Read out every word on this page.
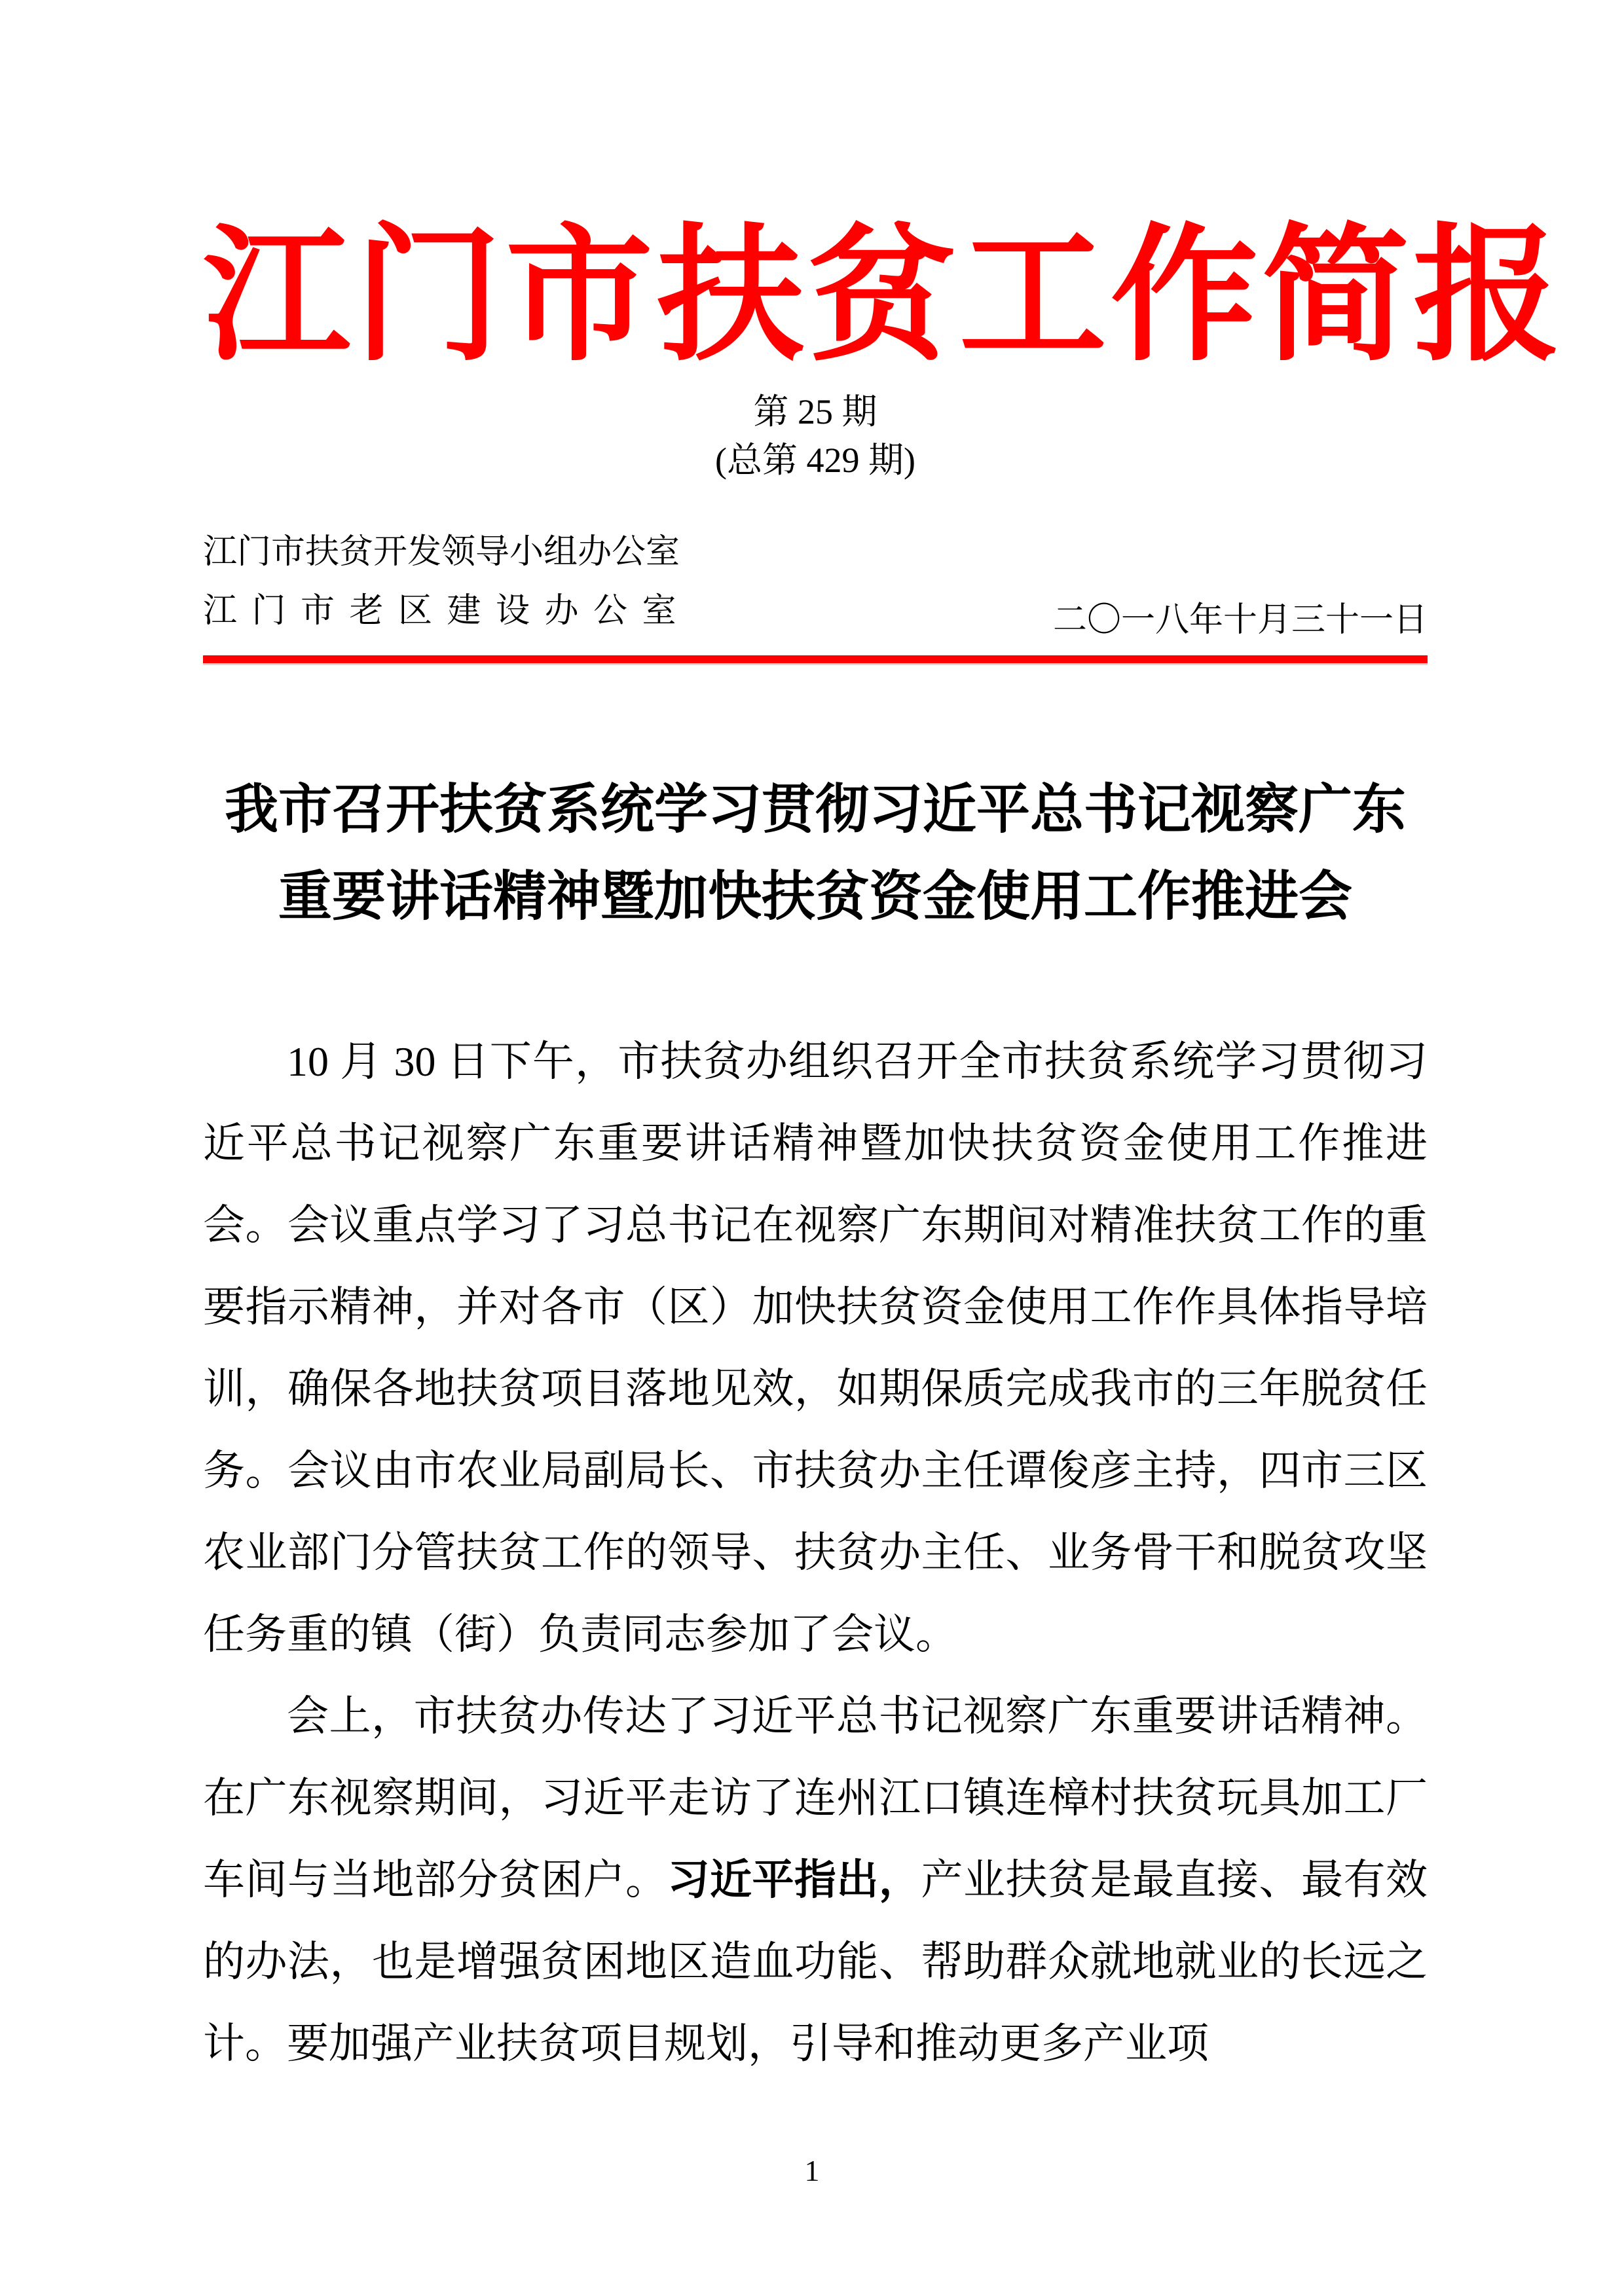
江门市扶贫工作简报
第 25 期
(总第 429 期)
江门市扶贫开发领导小组办公室
江门市老区建设办公室	二〇一八年十月三十一日
我市召开扶贫系统学习贯彻习近平总书记视察广东
重要讲话精神暨加快扶贫资金使用工作推进会

10 月 30 日下午，市扶贫办组织召开全市扶贫系统学习贯彻习近平总书记视察广东重要讲话精神暨加快扶贫资金使用工作推进会。会议重点学习了习总书记在视察广东期间对精准扶贫工作的重要指示精神，并对各市（区）加快扶贫资金使用工作作具体指导培训，确保各地扶贫项目落地见效，如期保质完成我市的三年脱贫任务。会议由市农业局副局长、市扶贫办主任谭俊彦主持，四市三区农业部门分管扶贫工作的领导、扶贫办主任、业务骨干和脱贫攻坚任务重的镇（街）负责同志参加了会议。

会上，市扶贫办传达了习近平总书记视察广东重要讲话精神。在广东视察期间，习近平走访了连州江口镇连樟村扶贫玩具加工厂车间与当地部分贫困户。习近平指出，产业扶贫是最直接、最有效的办法，也是增强贫困地区造血功能、帮助群众就地就业的长远之计。要加强产业扶贫项目规划，引导和推动更多产业项

1
